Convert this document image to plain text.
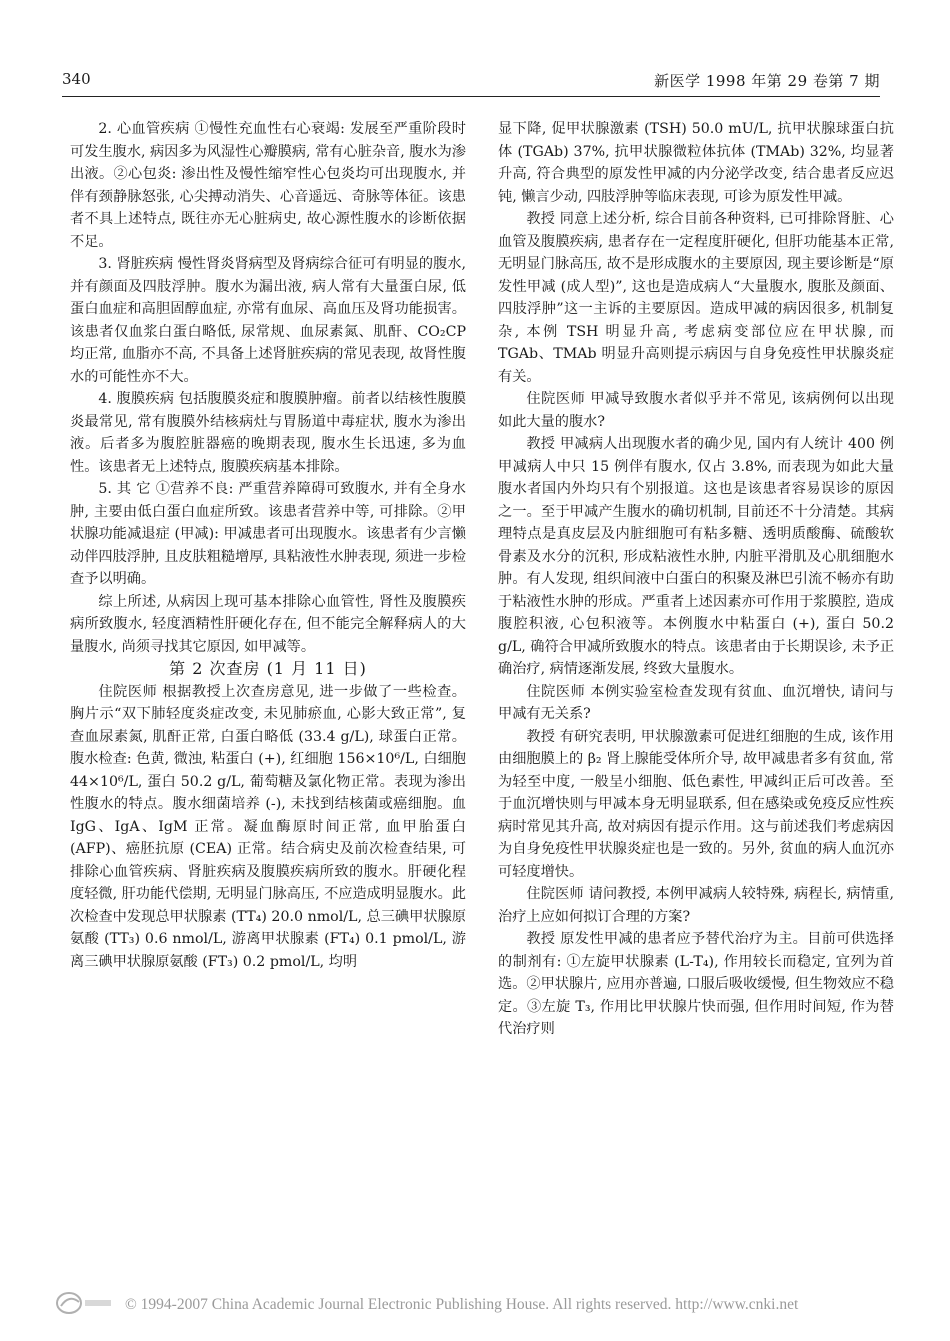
340	新医学 1998 年第 29 卷第 7 期

2. 心血管疾病 ①慢性充血性右心衰竭: 发展至严重阶段时可发生腹水, 病因多为风湿性心瓣膜病, 常有心脏杂音, 腹水为渗出液。②心包炎: 渗出性及慢性缩窄性心包炎均可出现腹水, 并伴有颈静脉怒张, 心尖搏动消失、心音遥远、奇脉等体征。该患者不具上述特点, 既往亦无心脏病史, 故心源性腹水的诊断依据不足。

3. 肾脏疾病 慢性肾炎肾病型及肾病综合征可有明显的腹水, 并有颜面及四肢浮肿。腹水为漏出液, 病人常有大量蛋白尿, 低蛋白血症和高胆固醇血症, 亦常有血尿、高血压及肾功能损害。该患者仅血浆白蛋白略低, 尿常规、血尿素氮、肌酐、CO₂CP 均正常, 血脂亦不高, 不具备上述肾脏疾病的常见表现, 故肾性腹水的可能性亦不大。

4. 腹膜疾病 包括腹膜炎症和腹膜肿瘤。前者以结核性腹膜炎最常见, 常有腹膜外结核病灶与胃肠道中毒症状, 腹水为渗出液。后者多为腹腔脏器癌的晚期表现, 腹水生长迅速, 多为血性。该患者无上述特点, 腹膜疾病基本排除。

5. 其 它 ①营养不良: 严重营养障碍可致腹水, 并有全身水肿, 主要由低白蛋白血症所致。该患者营养中等, 可排除。②甲状腺功能减退症 (甲减): 甲减患者可出现腹水。该患者有少言懒动伴四肢浮肿, 且皮肤粗糙增厚, 具粘液性水肿表现, 须进一步检查予以明确。

综上所述, 从病因上现可基本排除心血管性, 肾性及腹膜疾病所致腹水, 轻度酒精性肝硬化存在, 但不能完全解释病人的大量腹水, 尚须寻找其它原因, 如甲减等。

第 2 次查房 (1 月 11 日)

住院医师 根据教授上次查房意见, 进一步做了一些检查。胸片示“双下肺轻度炎症改变, 未见肺瘀血, 心影大致正常”, 复查血尿素氮, 肌酐正常, 白蛋白略低 (33.4 g/L), 球蛋白正常。腹水检查: 色黄, 微浊, 粘蛋白 (+), 红细胞 156×10⁶/L, 白细胞 44×10⁶/L, 蛋白 50.2 g/L, 葡萄糖及氯化物正常。表现为渗出性腹水的特点。腹水细菌培养 (-), 未找到结核菌或癌细胞。血 IgG、IgA、IgM 正常。凝血酶原时间正常, 血甲胎蛋白 (AFP)、癌胚抗原 (CEA) 正常。结合病史及前次检查结果, 可排除心血管疾病、肾脏疾病及腹膜疾病所致的腹水。肝硬化程度轻微, 肝功能代偿期, 无明显门脉高压, 不应造成明显腹水。此次检查中发现总甲状腺素 (TT₄) 20.0 nmol/L, 总三碘甲状腺原氨酸 (TT₃) 0.6 nmol/L, 游离甲状腺素 (FT₄) 0.1 pmol/L, 游离三碘甲状腺原氨酸 (FT₃) 0.2 pmol/L, 均明

显下降, 促甲状腺激素 (TSH) 50.0 mU/L, 抗甲状腺球蛋白抗体 (TGAb) 37%, 抗甲状腺微粒体抗体 (TMAb) 32%, 均显著升高, 符合典型的原发性甲减的内分泌学改变, 结合患者反应迟钝, 懒言少动, 四肢浮肿等临床表现, 可诊为原发性甲减。

教授 同意上述分析, 综合目前各种资料, 已可排除肾脏、心血管及腹膜疾病, 患者存在一定程度肝硬化, 但肝功能基本正常, 无明显门脉高压, 故不是形成腹水的主要原因, 现主要诊断是“原发性甲减 (成人型)”, 这也是造成病人“大量腹水, 腹胀及颜面、四肢浮肿”这一主诉的主要原因。造成甲减的病因很多, 机制复杂, 本例 TSH 明显升高, 考虑病变部位应在甲状腺, 而 TGAb、TMAb 明显升高则提示病因与自身免疫性甲状腺炎症有关。

住院医师 甲减导致腹水者似乎并不常见, 该病例何以出现如此大量的腹水?

教授 甲减病人出现腹水者的确少见, 国内有人统计 400 例甲减病人中只 15 例伴有腹水, 仅占 3.8%, 而表现为如此大量腹水者国内外均只有个别报道。这也是该患者容易误诊的原因之一。至于甲减产生腹水的确切机制, 目前还不十分清楚。其病理特点是真皮层及内脏细胞可有粘多糖、透明质酸酶、硫酸软骨素及水分的沉积, 形成粘液性水肿, 内脏平滑肌及心肌细胞水肿。有人发现, 组织间液中白蛋白的积聚及淋巴引流不畅亦有助于粘液性水肿的形成。严重者上述因素亦可作用于浆膜腔, 造成腹腔积液, 心包积液等。本例腹水中粘蛋白 (+), 蛋白 50.2 g/L, 确符合甲减所致腹水的特点。该患者由于长期误诊, 未予正确治疗, 病情逐渐发展, 终致大量腹水。

住院医师 本例实验室检查发现有贫血、血沉增快, 请问与甲减有无关系?

教授 有研究表明, 甲状腺激素可促进红细胞的生成, 该作用由细胞膜上的 β₂ 肾上腺能受体所介导, 故甲减患者多有贫血, 常为轻至中度, 一般呈小细胞、低色素性, 甲减纠正后可改善。至于血沉增快则与甲减本身无明显联系, 但在感染或免疫反应性疾病时常见其升高, 故对病因有提示作用。这与前述我们考虑病因为自身免疫性甲状腺炎症也是一致的。另外, 贫血的病人血沉亦可轻度增快。

住院医师 请问教授, 本例甲减病人较特殊, 病程长, 病情重, 治疗上应如何拟订合理的方案?

教授 原发性甲减的患者应予替代治疗为主。目前可供选择的制剂有: ①左旋甲状腺素 (L-T₄), 作用较长而稳定, 宜列为首选。②甲状腺片, 应用亦普遍, 口服后吸收缓慢, 但生物效应不稳定。③左旋 T₃, 作用比甲状腺片快而强, 但作用时间短, 作为替代治疗则

© 1994-2007 China Academic Journal Electronic Publishing House. All rights reserved. http://www.cnki.net
